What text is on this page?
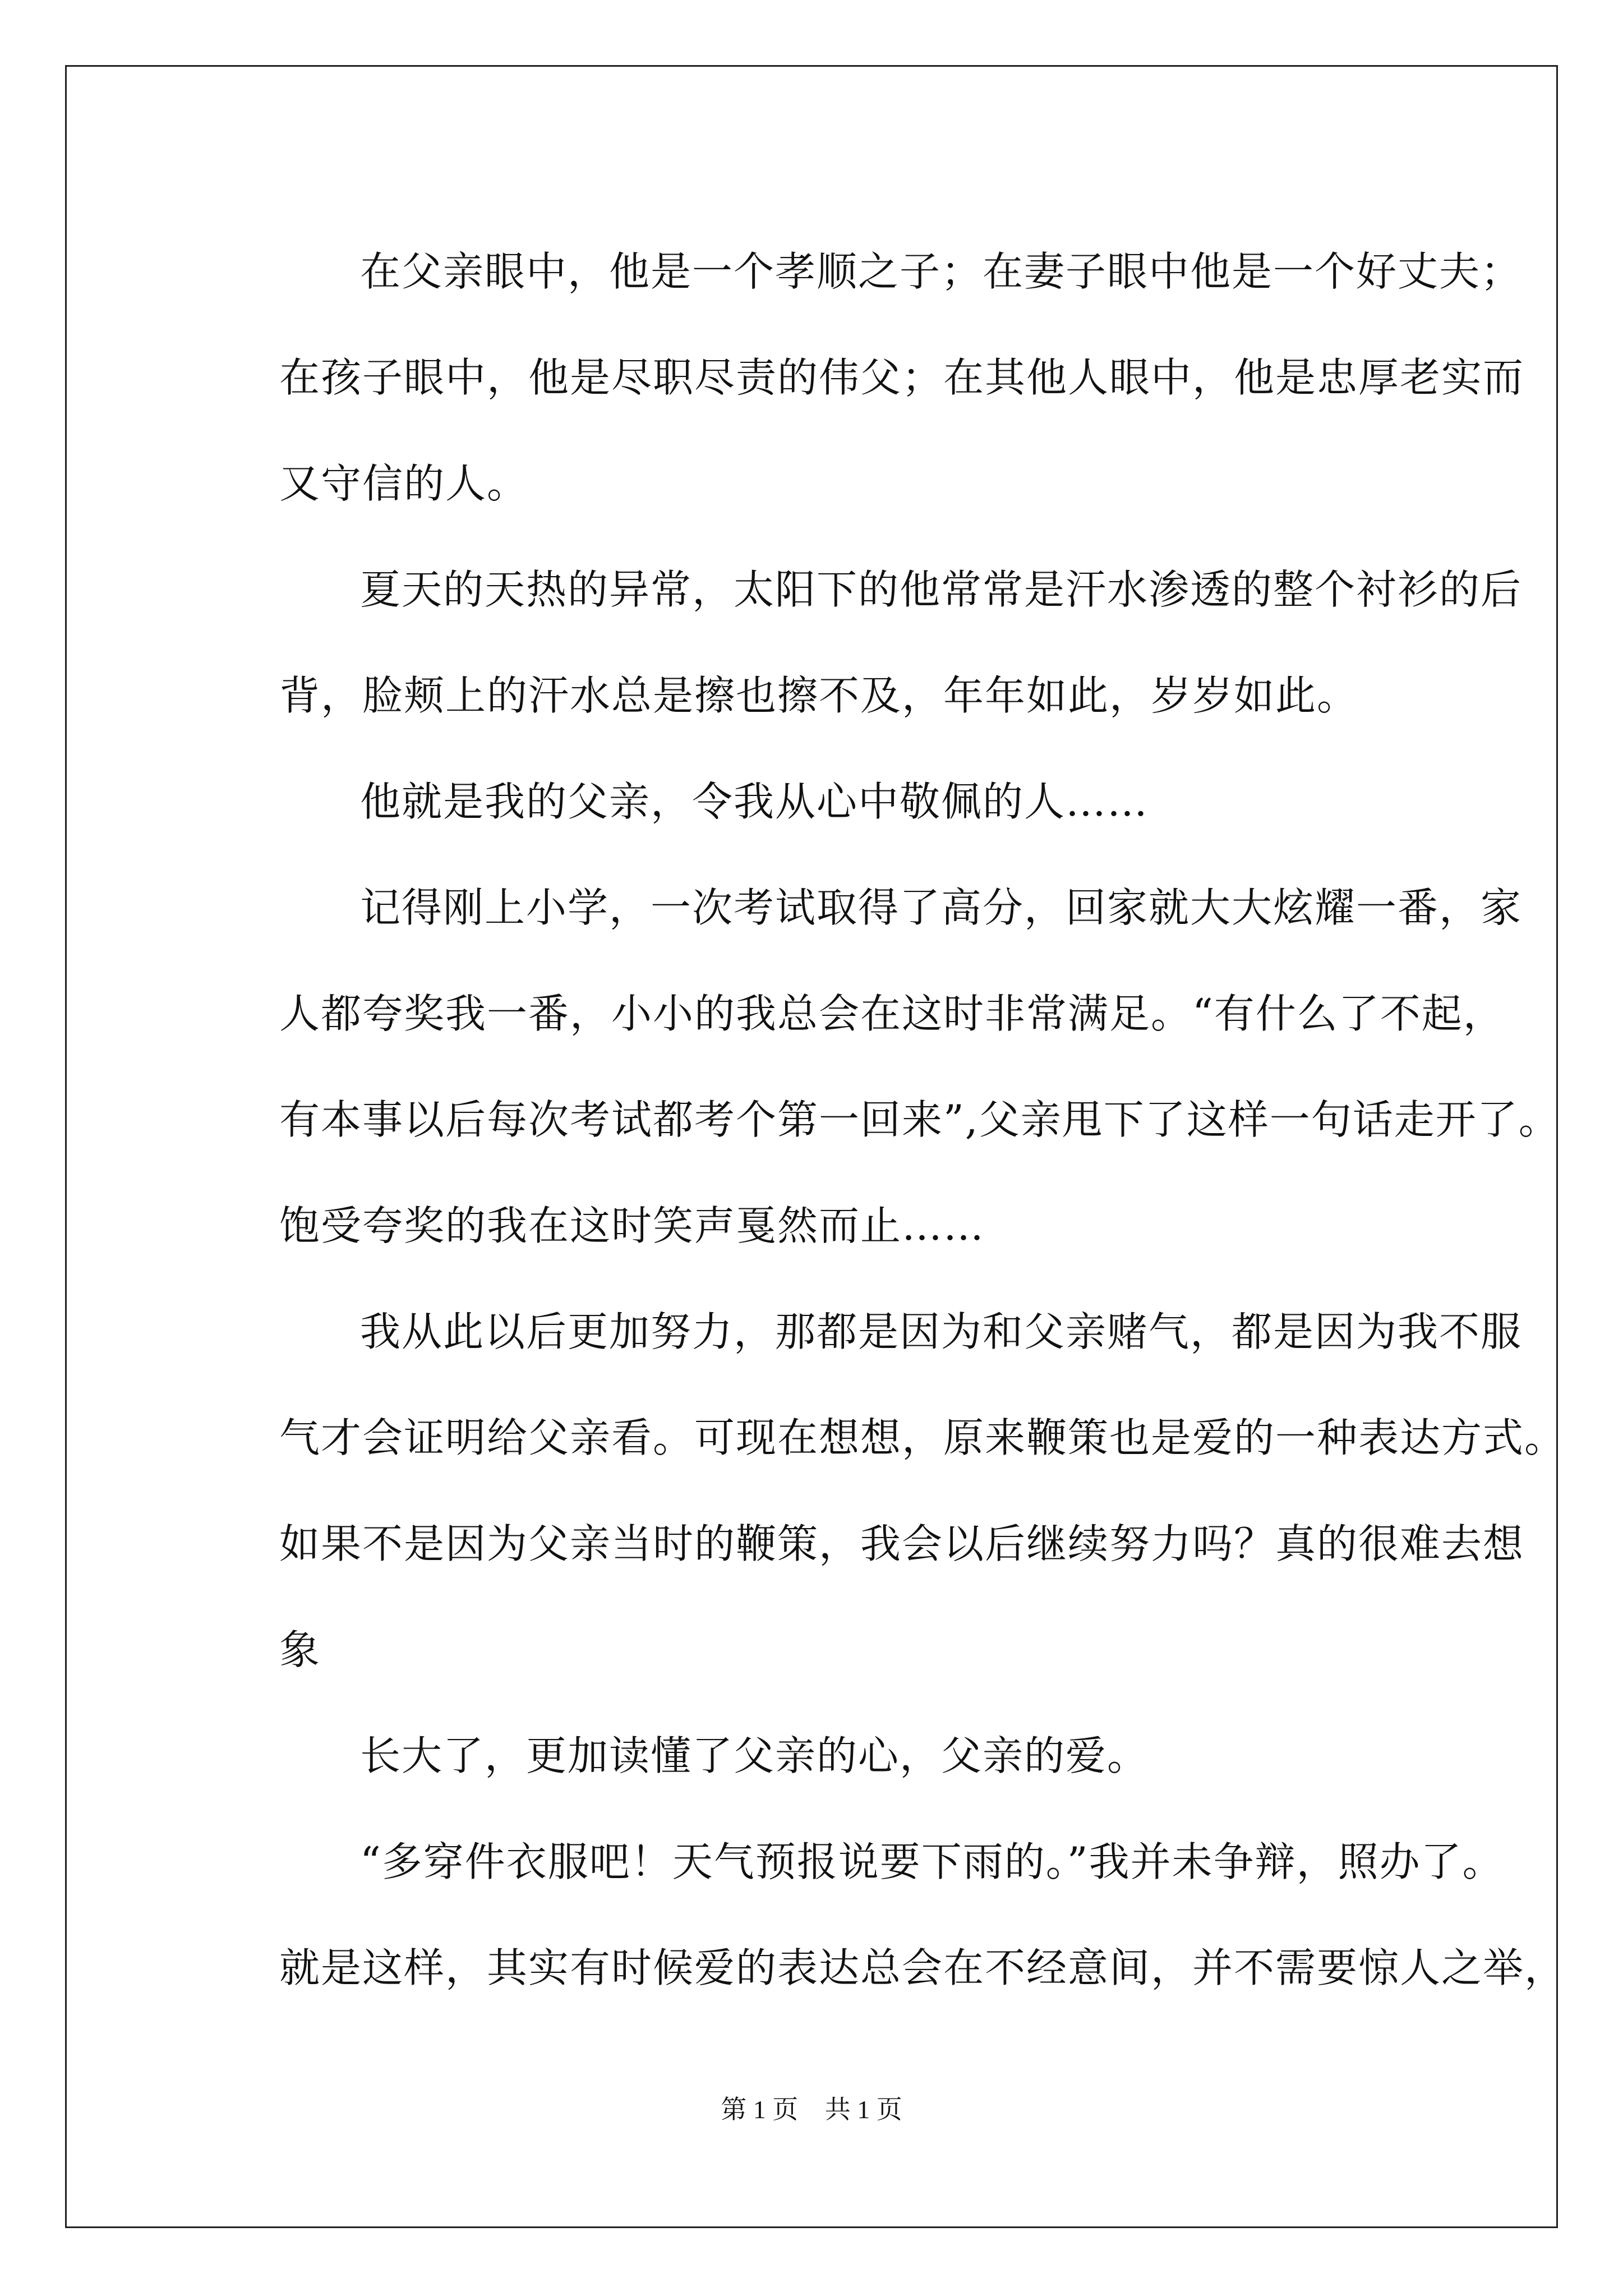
在父亲眼中，他是一个孝顺之子；在妻子眼中他是一个好丈夫；
在孩子眼中，他是尽职尽责的伟父；在其他人眼中，他是忠厚老实而
又守信的人。
夏天的天热的异常，太阳下的他常常是汗水渗透的整个衬衫的后
背，脸颊上的汗水总是擦也擦不及，年年如此，岁岁如此。
他就是我的父亲，令我从心中敬佩的人……
记得刚上小学，一次考试取得了高分，回家就大大炫耀一番，家
人都夸奖我一番，小小的我总会在这时非常满足。“有什么了不起，
有本事以后每次考试都考个第一回来”,父亲甩下了这样一句话走开了。
饱受夸奖的我在这时笑声戛然而止……
我从此以后更加努力，那都是因为和父亲赌气，都是因为我不服
气才会证明给父亲看。可现在想想，原来鞭策也是爱的一种表达方式。
如果不是因为父亲当时的鞭策，我会以后继续努力吗？真的很难去想
象
长大了，更加读懂了父亲的心，父亲的爱。
“多穿件衣服吧！天气预报说要下雨的。”我并未争辩，照办了。
就是这样，其实有时候爱的表达总会在不经意间，并不需要惊人之举，
第 1 页 共 1 页
